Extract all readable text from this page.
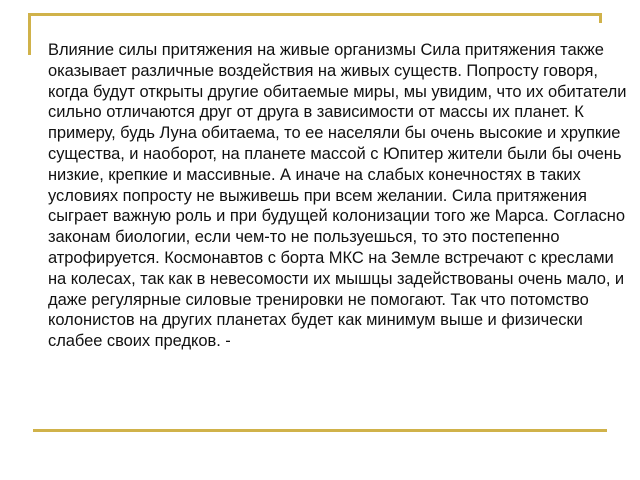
Влияние силы притяжения на живые организмы Сила притяжения также оказывает различные воздействия на живых существ. Попросту говоря, когда будут открыты другие обитаемые миры, мы увидим, что их обитатели сильно отличаются друг от друга в зависимости от массы их планет. К примеру, будь Луна обитаема, то ее населяли бы очень высокие и хрупкие существа, и наоборот, на планете массой с Юпитер жители были бы очень низкие, крепкие и массивные. А иначе на слабых конечностях в таких условиях попросту не выживешь при всем желании. Сила притяжения сыграет важную роль и при будущей колонизации того же Марса. Согласно законам биологии, если чем-то не пользуешься, то это постепенно атрофируется. Космонавтов с борта МКС на Земле встречают с креслами на колесах, так как в невесомости их мышцы задействованы очень мало, и даже регулярные силовые тренировки не помогают. Так что потомство колонистов на других планетах будет как минимум выше и физически слабее своих предков. -
